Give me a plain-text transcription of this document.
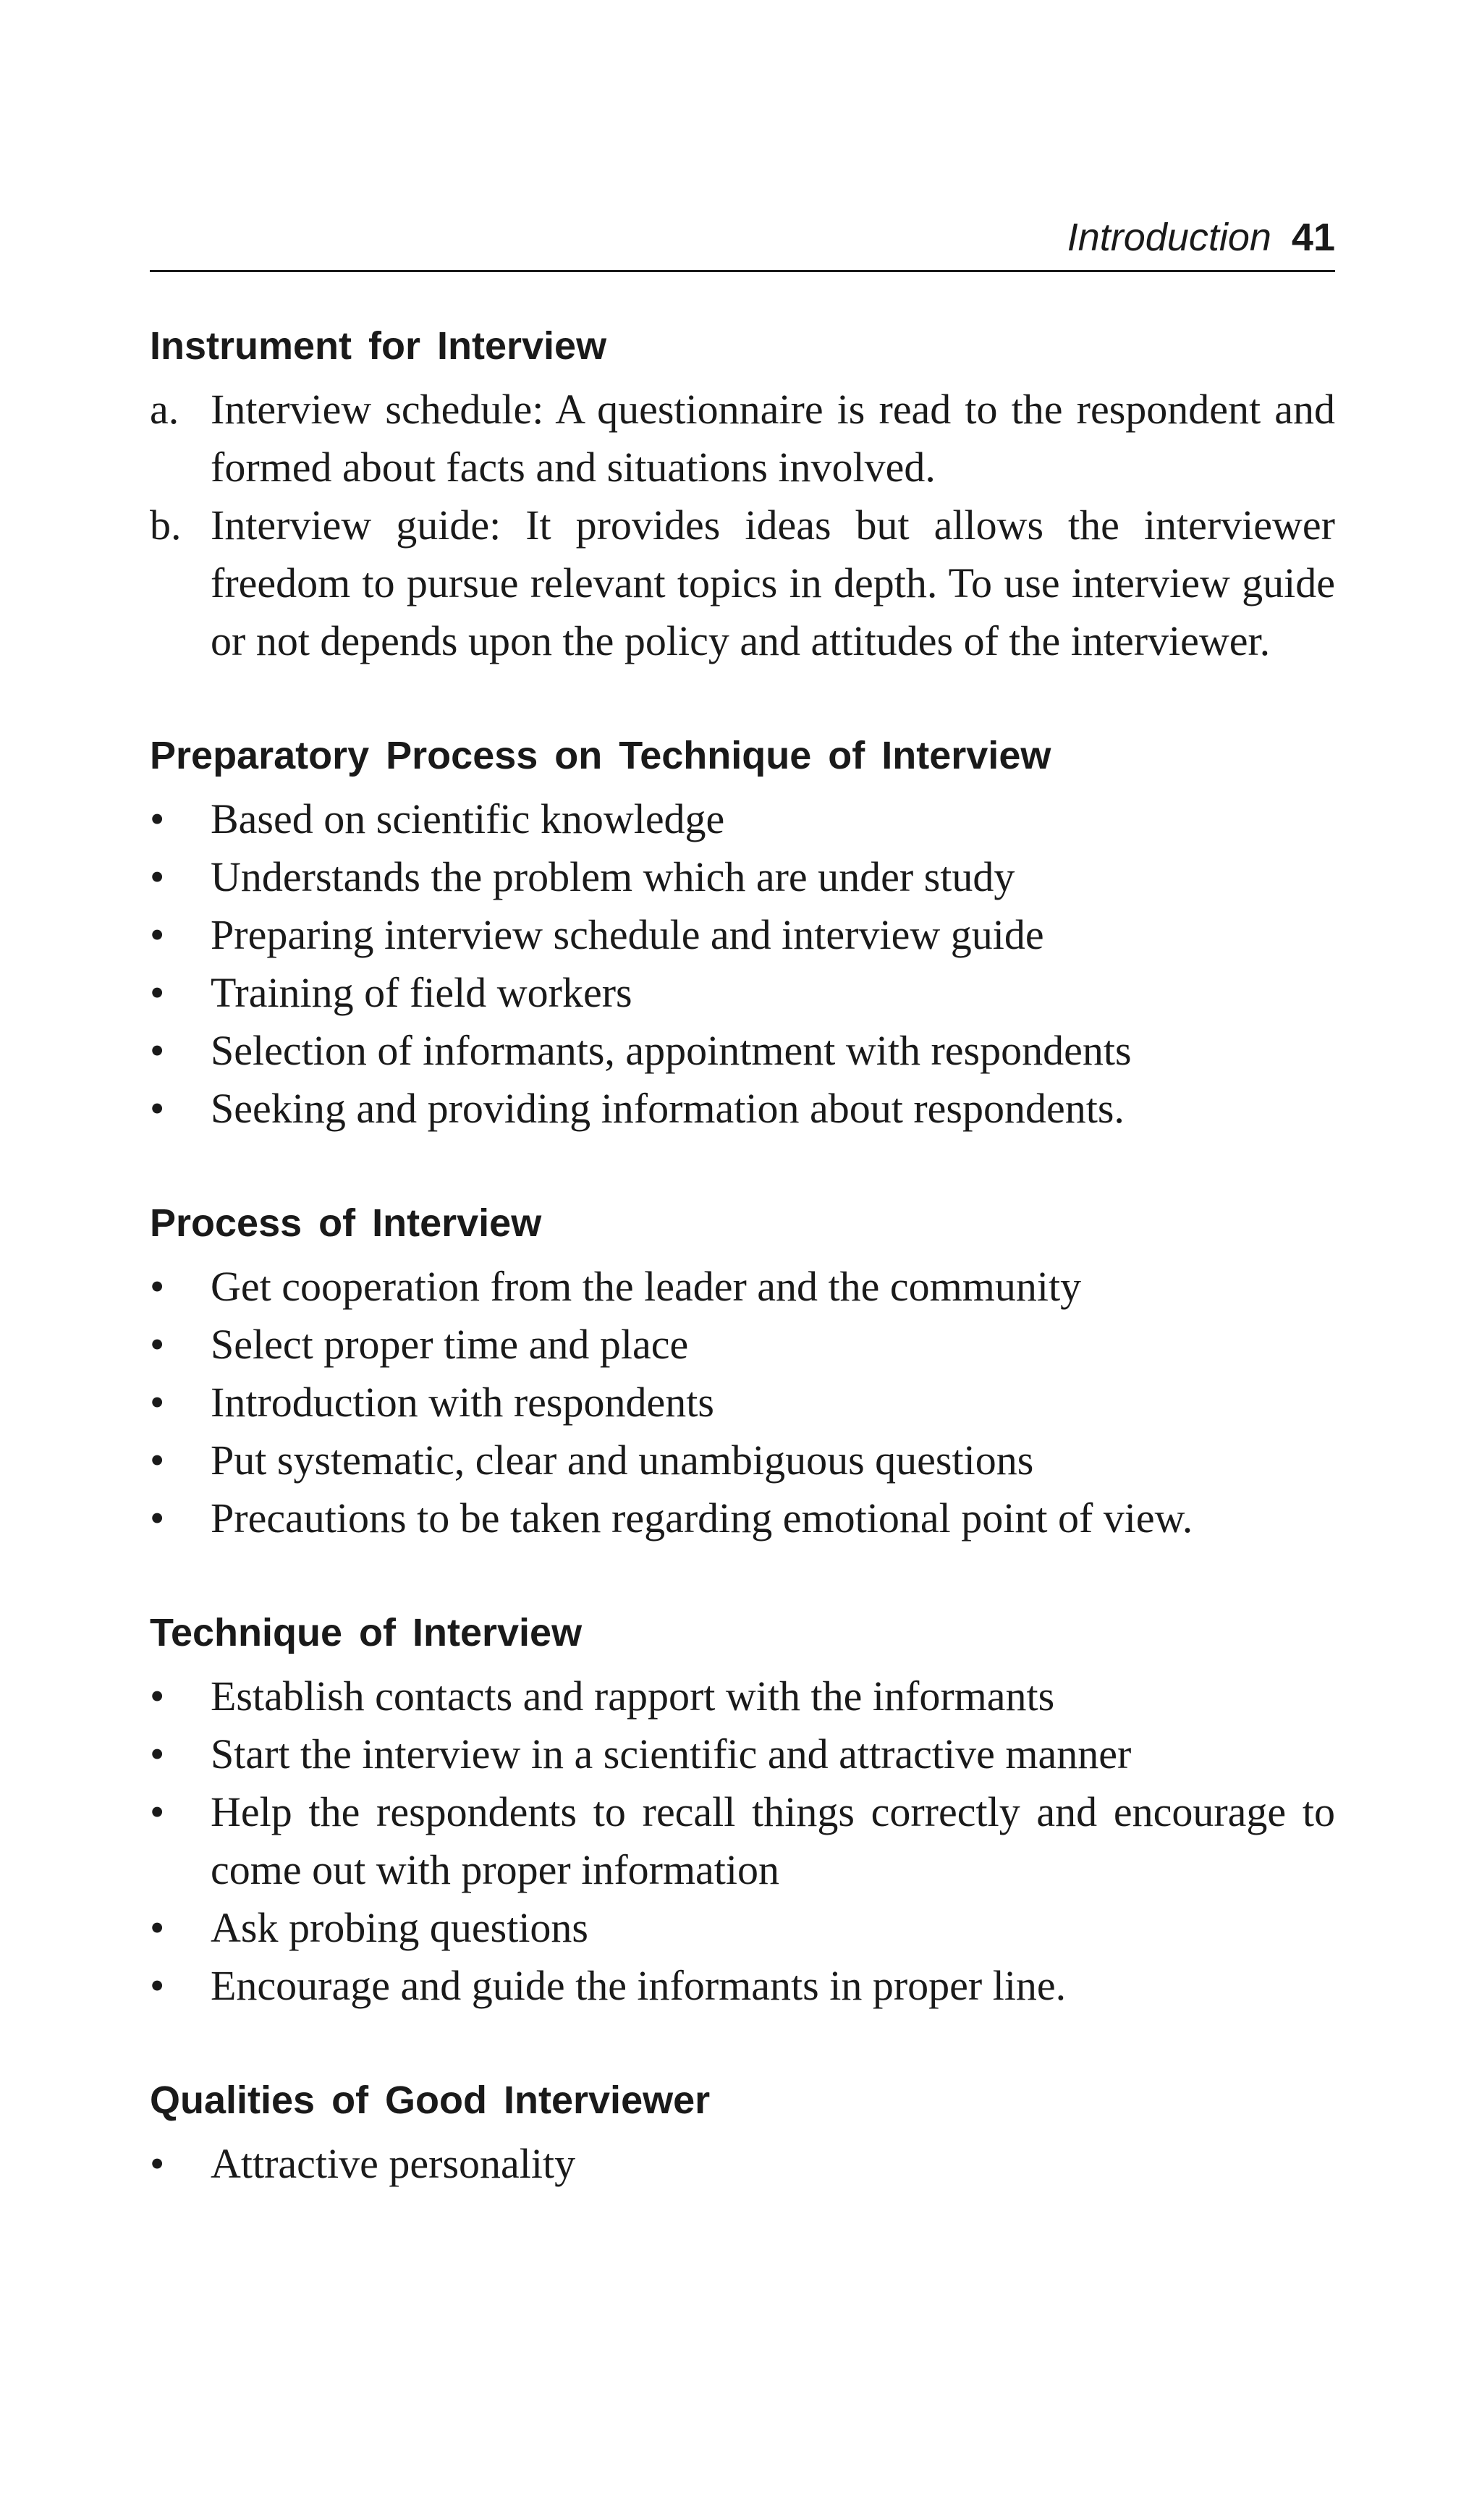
Introduction 41
Instrument for Interview
a. Interview schedule: A questionnaire is read to the respondent and formed about facts and situations involved.
b. Interview guide: It provides ideas but allows the interviewer freedom to pursue relevant topics in depth. To use interview guide or not depends upon the policy and attitudes of the interviewer.
Preparatory Process on Technique of Interview
•	Based on scientific knowledge
•	Understands the problem which are under study
•	Preparing interview schedule and interview guide
•	Training of field workers
•	Selection of informants, appointment with respondents
•	Seeking and providing information about respondents.
Process of Interview
•	Get cooperation from the leader and the community
•	Select proper time and place
•	Introduction with respondents
•	Put systematic, clear and unambiguous questions
•	Precautions to be taken regarding emotional point of view.
Technique of Interview
•	Establish contacts and rapport with the informants
•	Start the interview in a scientific and attractive manner
•	Help the respondents to recall things correctly and encourage to come out with proper information
•	Ask probing questions
•	Encourage and guide the informants in proper line.
Qualities of Good Interviewer
•	Attractive personality
